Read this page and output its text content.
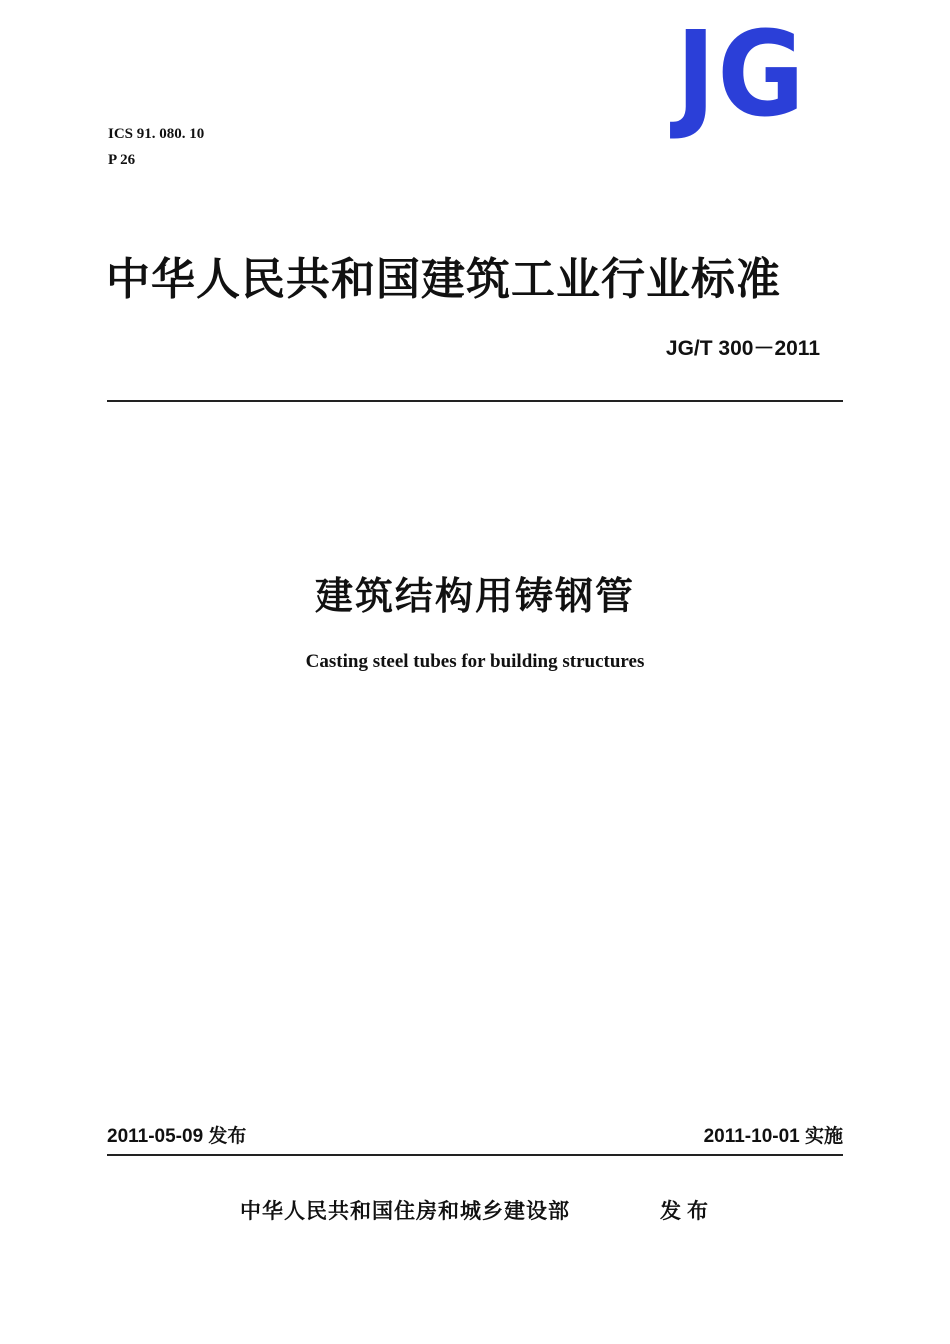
JG
ICS 91. 080. 10
P 26
中华人民共和国建筑工业行业标准
JG/T 300－2011
建筑结构用铸钢管
Casting steel tubes for building structures
2011-05-09 发布	2011-10-01 实施
中华人民共和国住房和城乡建设部	发布
